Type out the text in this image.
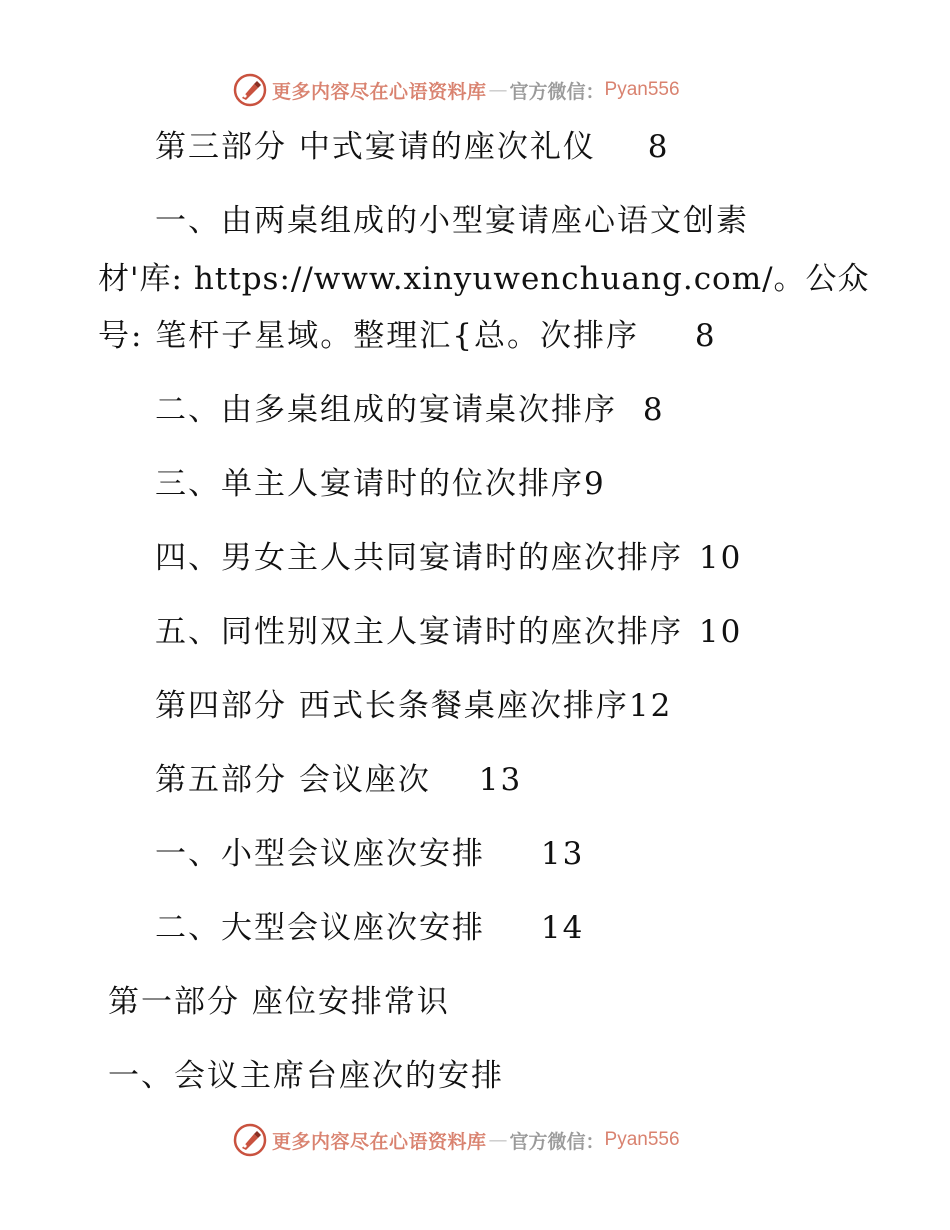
更多内容尽在心语资料库 — 官方微信： Pyan556
第三部分 中式宴请的座次礼仪 8
一、由两桌组成的小型宴请座心语文创素
材'库: https://www.xinyuwenchuang.com/。公众
号: 笔杆子星域。整理汇{总。次排序 8
二、由多桌组成的宴请桌次排序 8
三、单主人宴请时的位次排序9
四、男女主人共同宴请时的座次排序 10
五、同性别双主人宴请时的座次排序 10
第四部分 西式长条餐桌座次排序12
第五部分 会议座次 13
一、小型会议座次安排 13
二、大型会议座次安排 14
第一部分 座位安排常识
一、会议主席台座次的安排
更多内容尽在心语资料库 — 官方微信： Pyan556
